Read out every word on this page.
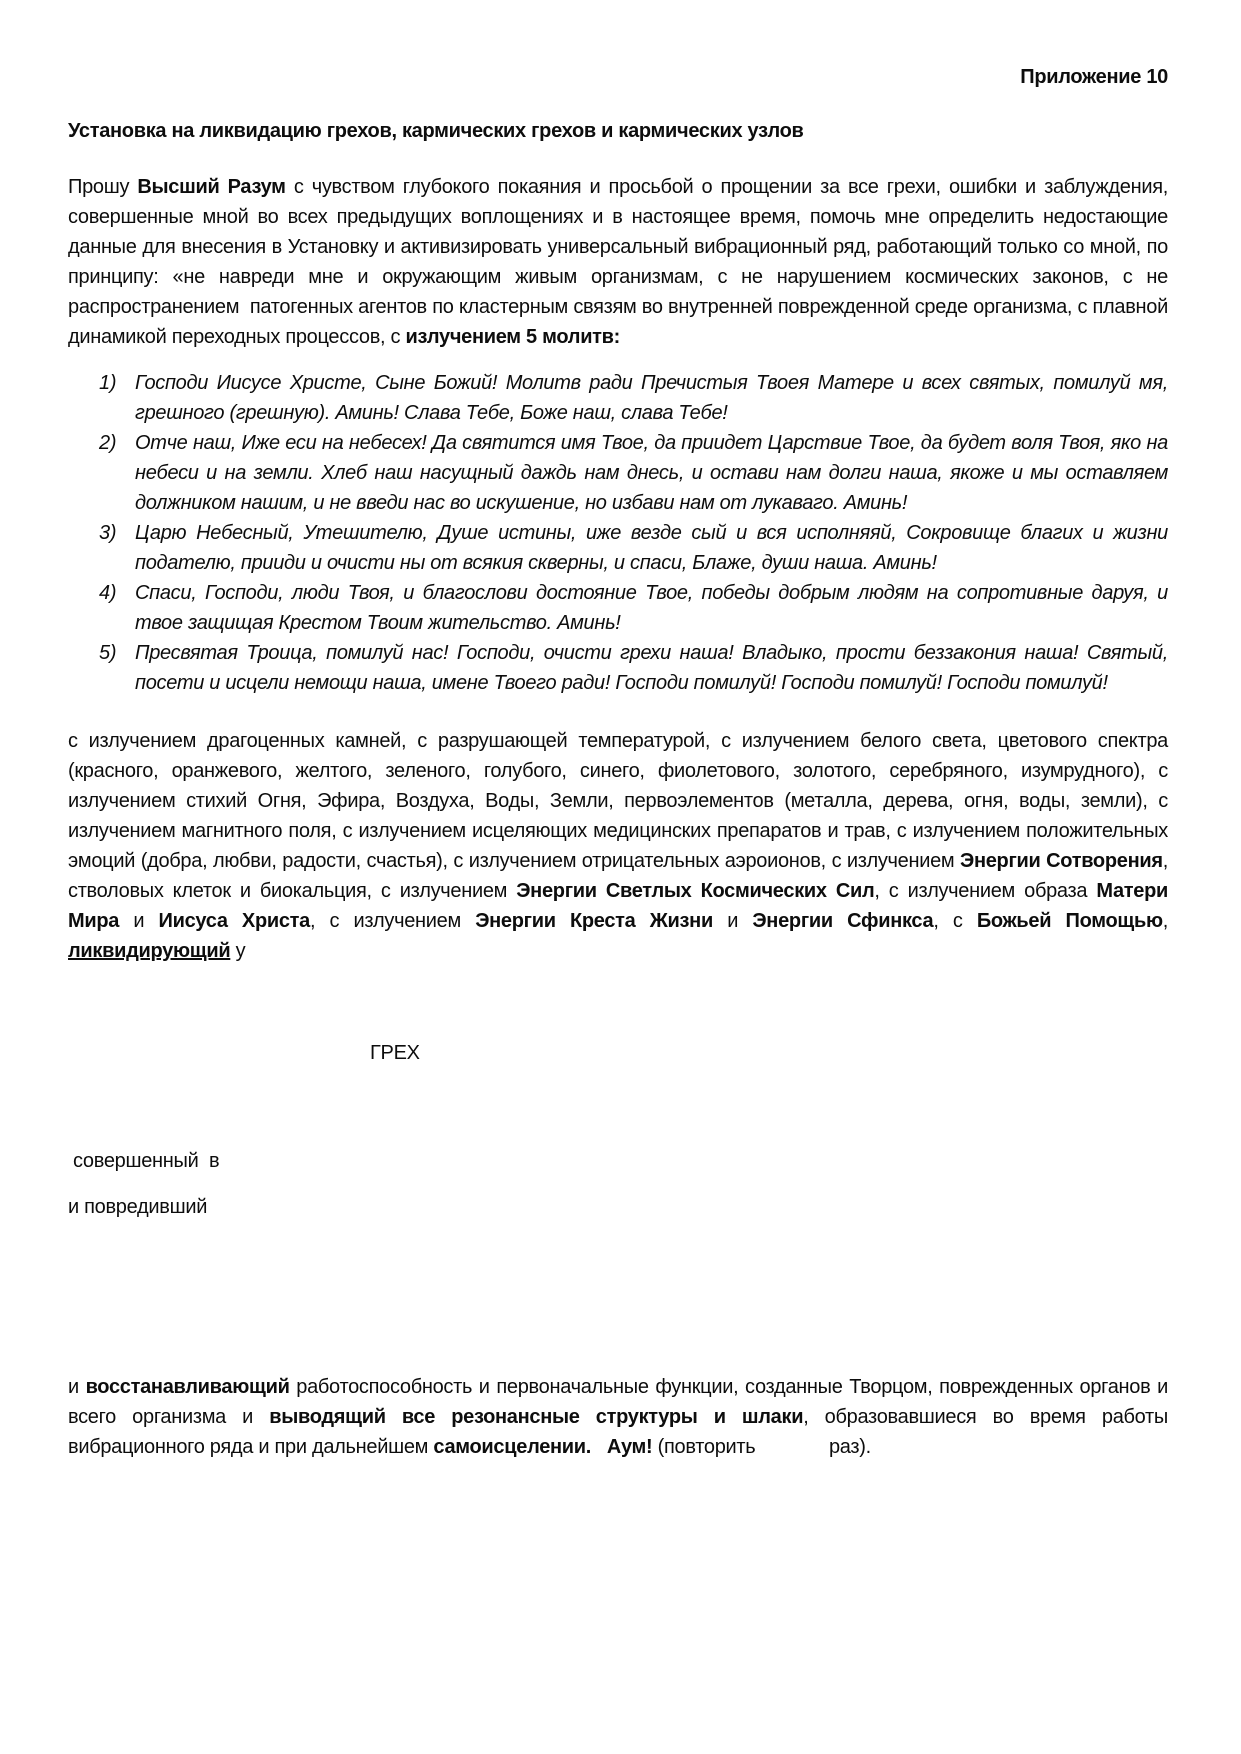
Приложение 10
Установка на ликвидацию грехов, кармических грехов и кармических узлов
Прошу Высший Разум с чувством глубокого покаяния и просьбой о прощении за все грехи, ошибки и заблуждения, совершенные мной во всех предыдущих воплощениях и в настоящее время, помочь мне определить недостающие данные для внесения в Установку и активизировать универсальный вибрационный ряд, работающий только со мной, по принципу: «не навреди мне и окружающим живым организмам, с не нарушением космических законов, с не распространением  патогенных агентов по кластерным связям во внутренней поврежденной среде организма, с плавной динамикой переходных процессов, с излучением 5 молитв:
1) Господи Иисусе Христе, Сыне Божий! Молитв ради Пречистыя Твоея Матере и всех святых, помилуй мя, грешного (грешную). Аминь! Слава Тебе, Боже наш, слава Тебе!
2) Отче наш, Иже еси на небесех! Да святится имя Твое, да приидет Царствие Твое, да будет воля Твоя, яко на небеси и на земли. Хлеб наш насущный даждь нам днесь, и остави нам долги наша, якоже и мы оставляем должником нашим, и не введи нас во искушение, но избави нам от лукаваго. Аминь!
3) Царю Небесный, Утешителю, Душе истины, иже везде сый и вся исполняяй, Сокровище благих и жизни подателю, прииди и очисти ны от всякия скверны, и спаси, Блаже, души наша. Аминь!
4) Спаси, Господи, люди Твоя, и благослови достояние Твое, победы добрым людям на сопротивные даруя, и твое защищая Крестом Твоим жительство. Аминь!
5) Пресвятая Троица, помилуй нас! Господи, очисти грехи наша! Владыко, прости беззакония наша! Святый, посети и исцели немощи наша, имене Твоего ради! Господи помилуй! Господи помилуй! Господи помилуй!
с излучением драгоценных камней, с разрушающей температурой, с излучением белого света, цветового спектра (красного, оранжевого, желтого, зеленого, голубого, синего, фиолетового, золотого, серебряного, изумрудного), с излучением стихий Огня, Эфира, Воздуха, Воды, Земли, первоэлементов (металла, дерева, огня, воды, земли), с излучением магнитного поля, с излучением исцеляющих медицинских препаратов и трав, с излучением положительных эмоций (добра, любви, радости, счастья), с излучением отрицательных аэроионов, с излучением Энергии Сотворения, стволовых клеток и биокальция, с излучением Энергии Светлых Космических Сил, с излучением образа Матери Мира и Иисуса Христа, с излучением Энергии Креста Жизни и Энергии Сфинкса, с Божьей Помощью, ликвидирующий у
ГРЕХ
совершенный  в
и повредивший
и восстанавливающий работоспособность и первоначальные функции, созданные Творцом, поврежденных органов и всего организма и выводящий все резонансные структуры и шлаки, образовавшиеся во время работы вибрационного ряда и при дальнейшем самоисцелении. Аум! (повторить              раз).
